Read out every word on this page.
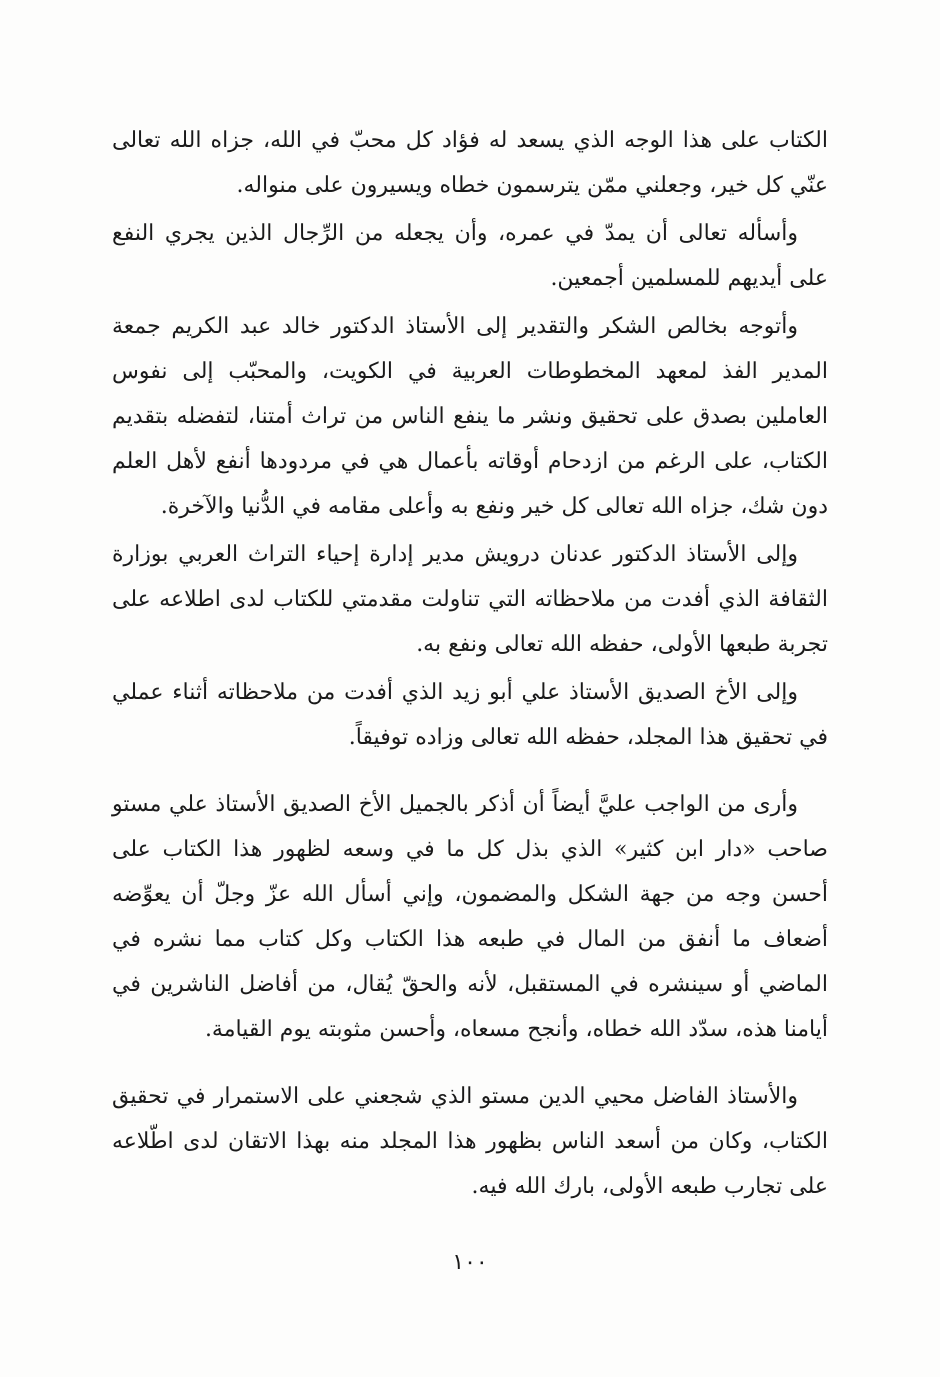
الكتاب على هذا الوجه الذي يسعد له فؤاد كل محبّ في الله، جزاه الله تعالى عنّي كل خير، وجعلني ممّن يترسمون خطاه ويسيرون على منواله.

وأسأله تعالى أن يمدّ في عمره، وأن يجعله من الرِّجال الذين يجري النفع على أيديهم للمسلمين أجمعين.

وأتوجه بخالص الشكر والتقدير إلى الأستاذ الدكتور خالد عبد الكريم جمعة المدير الفذ لمعهد المخطوطات العربية في الكويت، والمحبّب إلى نفوس العاملين بصدق على تحقيق ونشر ما ينفع الناس من تراث أمتنا، لتفضله بتقديم الكتاب، على الرغم من ازدحام أوقاته بأعمال هي في مردودها أنفع لأهل العلم دون شك، جزاه الله تعالى كل خير ونفع به وأعلى مقامه في الدُّنيا والآخرة.

وإلى الأستاذ الدكتور عدنان درويش مدير إدارة إحياء التراث العربي بوزارة الثقافة الذي أفدت من ملاحظاته التي تناولت مقدمتي للكتاب لدى اطلاعه على تجربة طبعها الأولى، حفظه الله تعالى ونفع به.

وإلى الأخ الصديق الأستاذ علي أبو زيد الذي أفدت من ملاحظاته أثناء عملي في تحقيق هذا المجلد، حفظه الله تعالى وزاده توفيقاً.

وأرى من الواجب عليَّ أيضاً أن أذكر بالجميل الأخ الصديق الأستاذ علي مستو صاحب «دار ابن كثير» الذي بذل كل ما في وسعه لظهور هذا الكتاب على أحسن وجه من جهة الشكل والمضمون، وإني أسأل الله عزّ وجلّ أن يعوِّضه أضعاف ما أنفق من المال في طبعه هذا الكتاب وكل كتاب مما نشره في الماضي أو سينشره في المستقبل، لأنه والحقّ يُقال، من أفاضل الناشرين في أيامنا هذه، سدّد الله خطاه، وأنجح مسعاه، وأحسن مثوبته يوم القيامة.

والأستاذ الفاضل محيي الدين مستو الذي شجعني على الاستمرار في تحقيق الكتاب، وكان من أسعد الناس بظهور هذا المجلد منه بهذا الاتقان لدى اطّلاعه على تجارب طبعه الأولى، بارك الله فيه.

١٠٠
